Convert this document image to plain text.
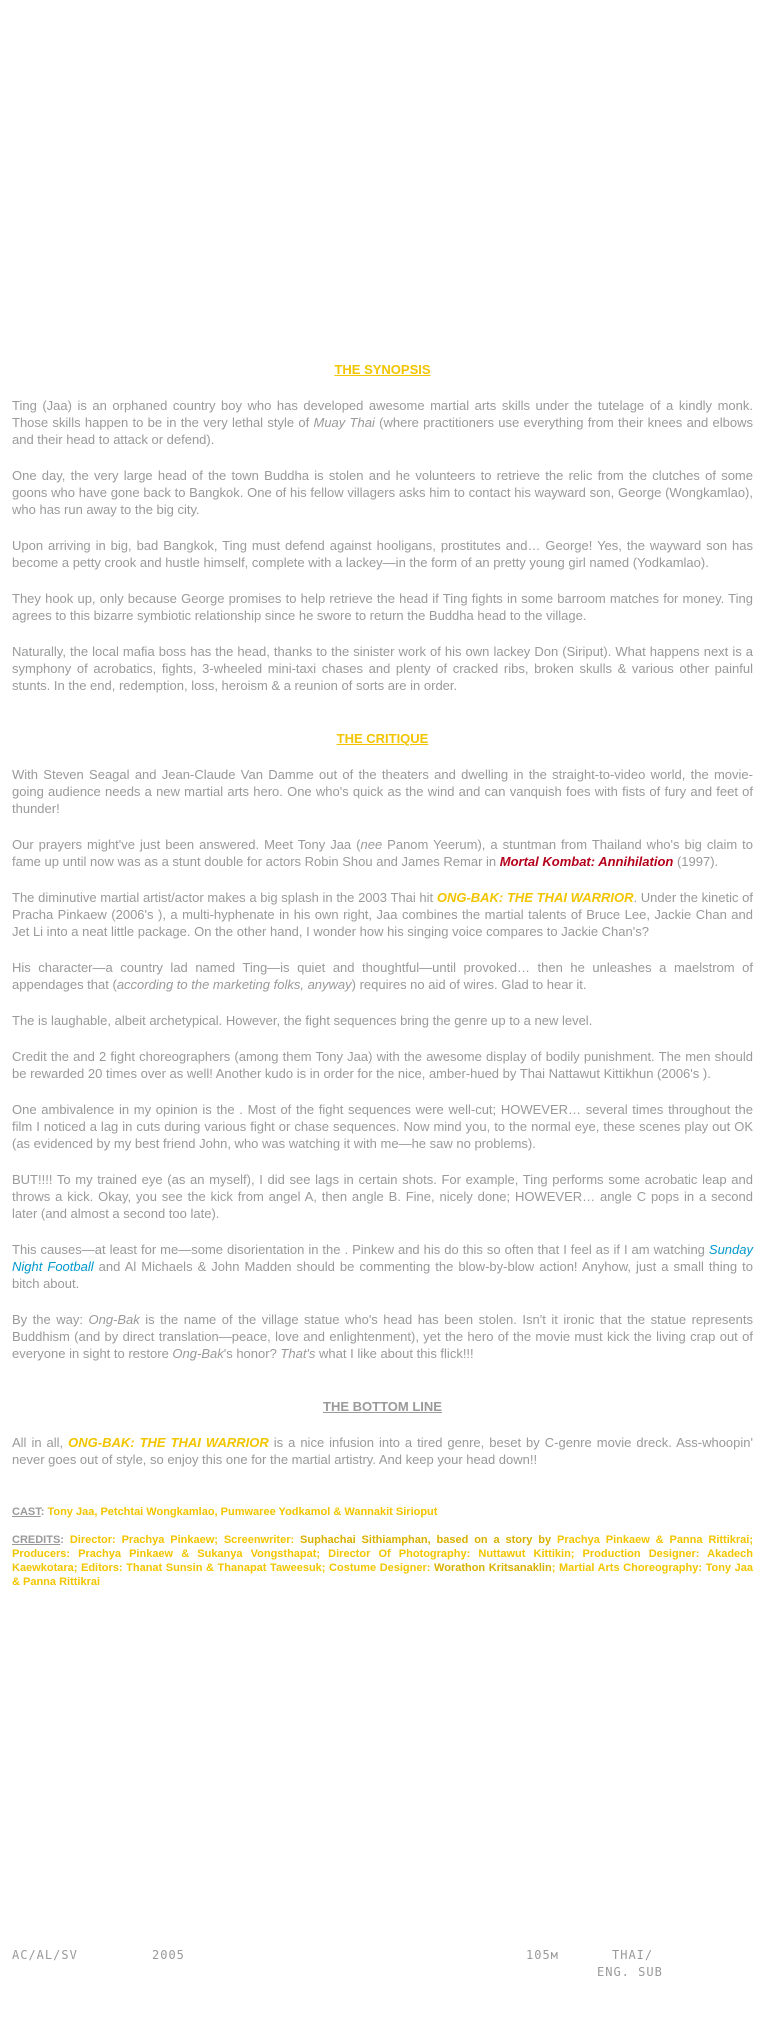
THE SYNOPSIS

Ting (Jaa) is an orphaned country boy who has developed awesome martial arts skills under the tutelage of a kindly monk. Those skills happen to be in the very lethal style of Muay Thai (where practitioners use everything from their knees and elbows and their head to attack or defend).

One day, the very large head of the town Buddha is stolen and he volunteers to retrieve the relic from the clutches of some goons who have gone back to Bangkok. One of his fellow villagers asks him to contact his wayward son, George (Wongkamlao), who has run away to the big city.

Upon arriving in big, bad Bangkok, Ting must defend against hooligans, prostitutes and… George! Yes, the wayward son has become a petty crook and hustle himself, complete with a lackey—in the form of an pretty young girl named (Yodkamlao).

They hook up, only because George promises to help retrieve the head if Ting fights in some barroom matches for money. Ting agrees to this bizarre symbiotic relationship since he swore to return the Buddha head to the village.

Naturally, the local mafia boss has the head, thanks to the sinister work of his own lackey Don (Siriput). What happens next is a symphony of acrobatics, fights, 3-wheeled mini-taxi chases and plenty of cracked ribs, broken skulls & various other painful stunts. In the end, redemption, loss, heroism & a reunion of sorts are in order.

THE CRITIQUE

With Steven Seagal and Jean-Claude Van Damme out of the theaters and dwelling in the straight-to-video world, the movie-going audience needs a new martial arts hero. One who's quick as the wind and can vanquish foes with fists of fury and feet of thunder!

Our prayers might've just been answered. Meet Tony Jaa (nee Panom Yeerum), a stuntman from Thailand who's big claim to fame up until now was as a stunt double for actors Robin Shou and James Remar in Mortal Kombat: Annihilation (1997).

The diminutive martial artist/actor makes a big splash in the 2003 Thai hit ONG-BAK: THE THAI WARRIOR. Under the kinetic of Pracha Pinkaew (2006's ), a multi-hyphenate in his own right, Jaa combines the martial talents of Bruce Lee, Jackie Chan and Jet Li into a neat little package. On the other hand, I wonder how his singing voice compares to Jackie Chan's?

His character—a country lad named Ting—is quiet and thoughtful—until provoked… then he unleashes a maelstrom of appendages that (according to the marketing folks, anyway) requires no aid of wires. Glad to hear it.

The is laughable, albeit archetypical. However, the fight sequences bring the genre up to a new level.

Credit the and 2 fight choreographers (among them Tony Jaa) with the awesome display of bodily punishment. The men should be rewarded 20 times over as well! Another kudo is in order for the nice, amber-hued by Thai Nattawut Kittikhun (2006's ).

One ambivalence in my opinion is the . Most of the fight sequences were well-cut; HOWEVER… several times throughout the film I noticed a lag in cuts during various fight or chase sequences. Now mind you, to the normal eye, these scenes play out OK (as evidenced by my best friend John, who was watching it with me—he saw no problems).

BUT!!!! To my trained eye (as an myself), I did see lags in certain shots. For example, Ting performs some acrobatic leap and throws a kick. Okay, you see the kick from angel A, then angle B. Fine, nicely done; HOWEVER… angle C pops in a second later (and almost a second too late).

This causes—at least for me—some disorientation in the . Pinkew and his do this so often that I feel as if I am watching Sunday Night Football and Al Michaels & John Madden should be commenting the blow-by-blow action! Anyhow, just a small thing to bitch about.

By the way: Ong-Bak is the name of the village statue who's head has been stolen. Isn't it ironic that the statue represents Buddhism (and by direct translation—peace, love and enlightenment), yet the hero of the movie must kick the living crap out of everyone in sight to restore Ong-Bak's honor? That's what I like about this flick!!!

THE BOTTOM LINE

All in all, ONG-BAK: THE THAI WARRIOR is a nice infusion into a tired genre, beset by C-genre movie dreck. Ass-whoopin' never goes out of style, so enjoy this one for the martial artistry. And keep your head down!!

CAST: Tony Jaa, Petchtai Wongkamlao, Pumwaree Yodkamol & Wannakit Sirioput

CREDITS: Director: Prachya Pinkaew; Screenwriter: Suphachai Sithiamphan, based on a story by Prachya Pinkaew & Panna Rittikrai; Producers: Prachya Pinkaew & Sukanya Vongsthapat; Director Of Photography: Nuttawut Kittikin; Production Designer: Akadech Kaewkotara; Editors: Thanat Sunsin & Thanapat Taweesuk; Costume Designer: Worathon Kritsanaklin; Martial Arts Choreography: Tony Jaa & Panna Rittikrai

AC/AL/SV	2005	105м	THAI/
ENG. SUB
